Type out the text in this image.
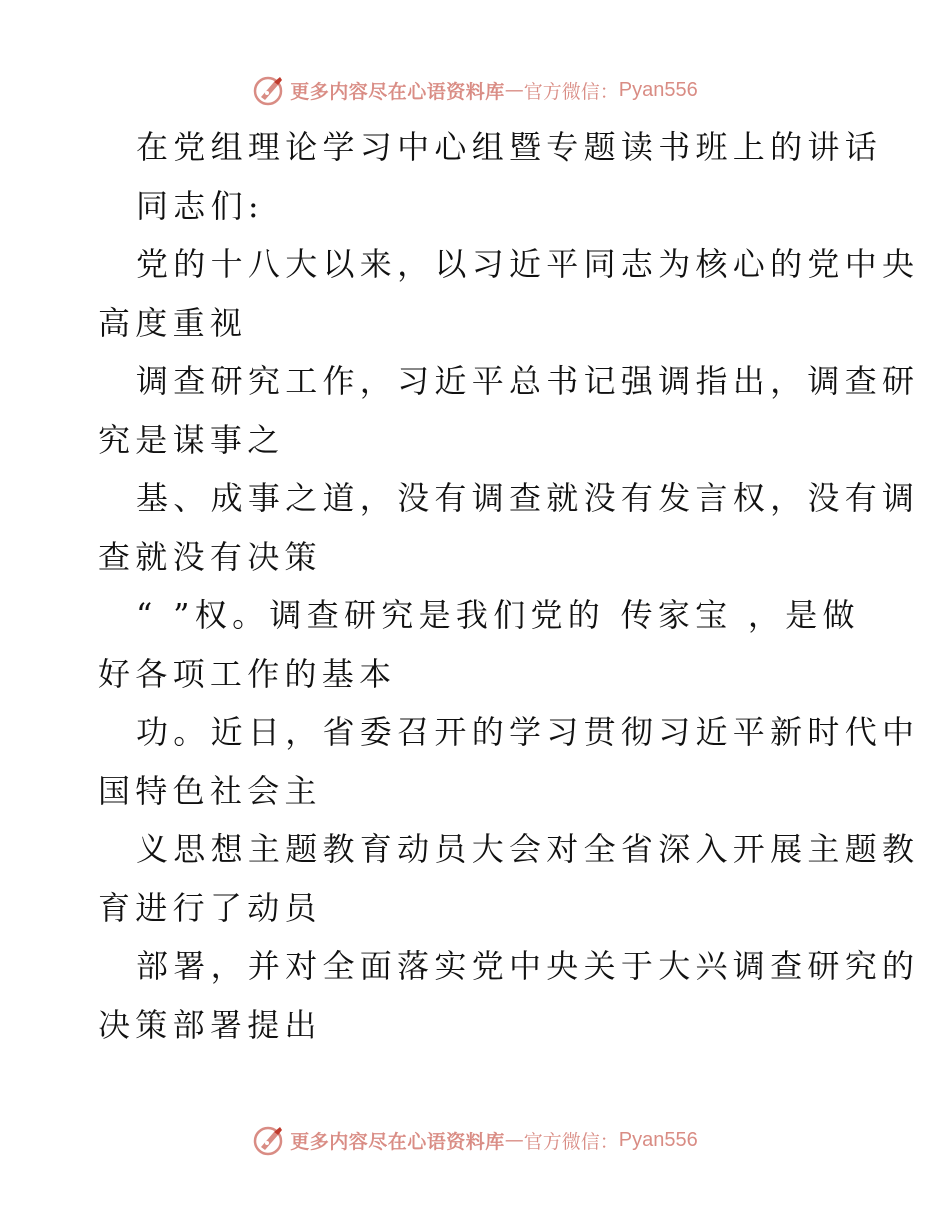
更多内容尽在心语资料库 — 官方微信： Pyan556
在党组理论学习中心组暨专题读书班上的讲话
同志们:
党的十八大以来，以习近平同志为核心的党中央
高度重视
调查研究工作，习近平总书记强调指出，调查研
究是谋事之
基、成事之道，没有调查就没有发言权，没有调
查就没有决策
“ ”权。调查研究是我们党的 传家宝 ，是做
好各项工作的基本
功。近日，省委召开的学习贯彻习近平新时代中
国特色社会主
义思想主题教育动员大会对全省深入开展主题教
育进行了动员
部署，并对全面落实党中央关于大兴调查研究的
决策部署提出
更多内容尽在心语资料库 — 官方微信： Pyan556
